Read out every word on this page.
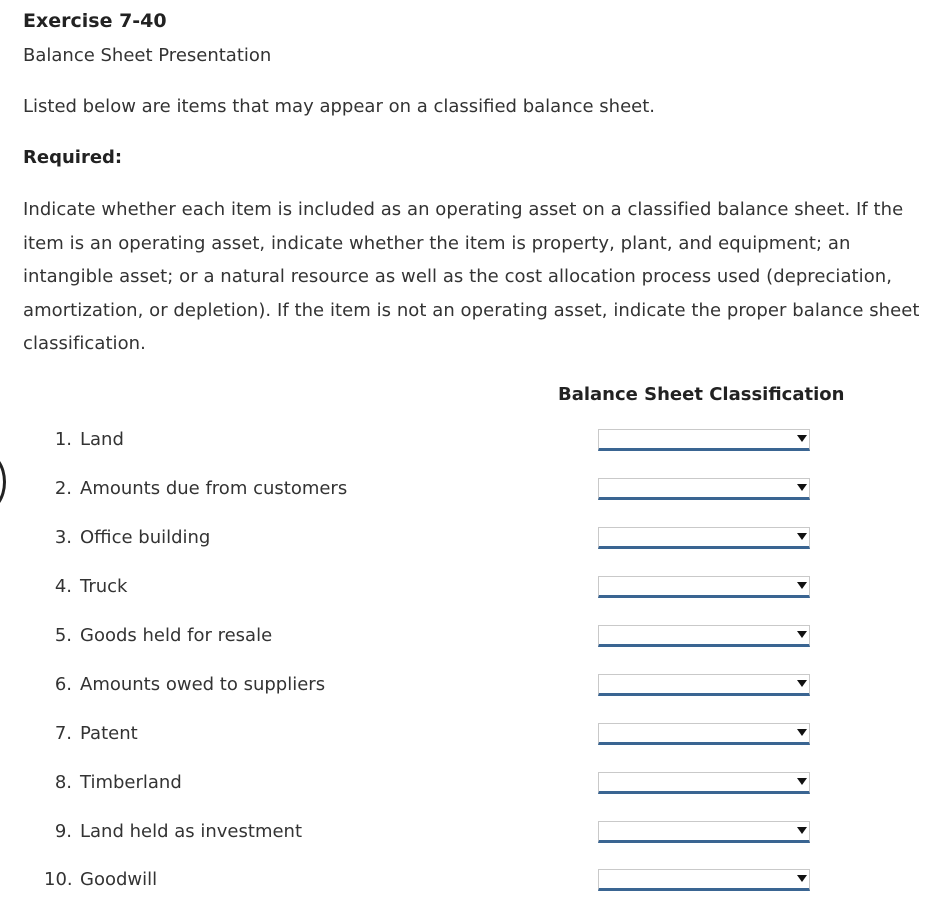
Exercise 7-40

Balance Sheet Presentation

Listed below are items that may appear on a classified balance sheet.

Required:

Indicate whether each item is included as an operating asset on a classified balance sheet. If the item is an operating asset, indicate whether the item is property, plant, and equipment; an intangible asset; or a natural resource as well as the cost allocation process used (depreciation, amortization, or depletion). If the item is not an operating asset, indicate the proper balance sheet classification.

Balance Sheet Classification

1. Land
2. Amounts due from customers
3. Office building
4. Truck
5. Goods held for resale
6. Amounts owed to suppliers
7. Patent
8. Timberland
9. Land held as investment
10. Goodwill
